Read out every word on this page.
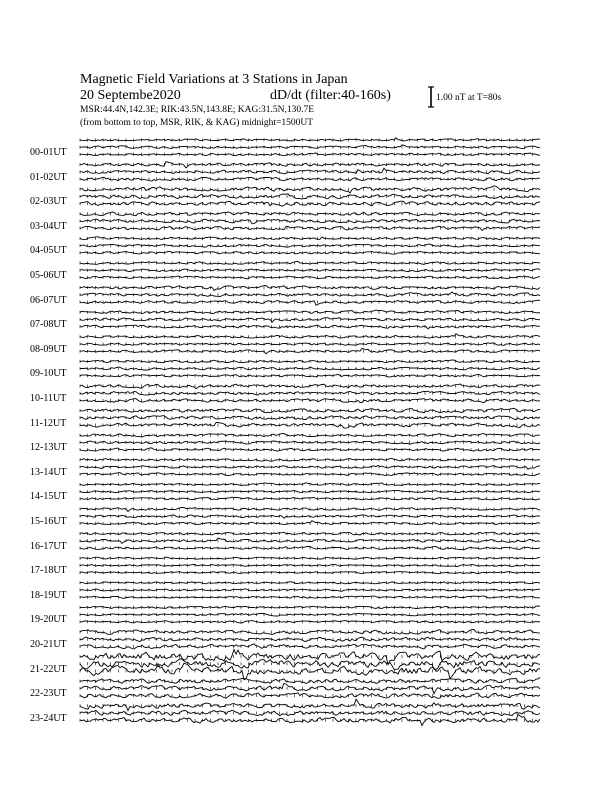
Magnetic Field Variations at 3 Stations in Japan
20 Septembe2020	dD/dt (filter:40-160s)
MSR:44.4N,142.3E; RIK:43.5N,143.8E; KAG:31.5N,130.7E
(from bottom to top, MSR, RIK, & KAG) midnight=1500UT
1.00 nT at T=80s
00-01UT
01-02UT
02-03UT
03-04UT
04-05UT
05-06UT
06-07UT
07-08UT
08-09UT
09-10UT
10-11UT
11-12UT
12-13UT
13-14UT
14-15UT
15-16UT
16-17UT
17-18UT
18-19UT
19-20UT
20-21UT
21-22UT
22-23UT
23-24UT
